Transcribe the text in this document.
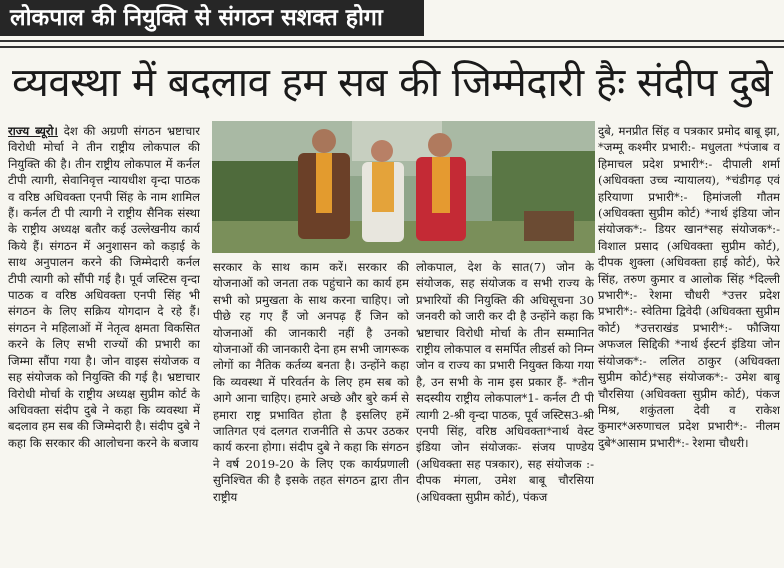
लोकपाल की नियुक्ति से संगठन सशक्त होगा
व्यवस्था में बदलाव हम सब की जिम्मेदारी हैः संदीप दुबे
राज्य ब्यूरो। देश की अग्रणी संगठन भ्रष्टाचार विरोधी मोर्चा ने तीन राष्ट्रीय लोकपाल की नियुक्ति की है। तीन राष्ट्रीय लोकपाल में कर्नल टीपी त्यागी, सेवानिवृत्त न्यायधीश वृन्दा पाठक व वरिष्ठ अधिवक्ता एनपी सिंह के नाम शामिल हैं। कर्नल टी पी त्यागी ने राष्ट्रीय सैनिक संस्था के राष्ट्रीय अध्यक्ष बतौर कई उल्लेखनीय कार्य किये हैं। संगठन में अनुशासन को कड़ाई के साथ अनुपालन करने की जिम्मेदारी कर्नल टीपी त्यागी को सौंपी गई है। पूर्व जस्टिस वृन्दा पाठक व वरिष्ठ अधिवक्ता एनपी सिंह भी संगठन के लिए सक्रिय योगदान दे रहे हैं। संगठन ने महिलाओं में नेतृत्व क्षमता विकसित करने के लिए सभी राज्यों की प्रभारी का जिम्मा सौंपा गया है। जोन वाइस संयोजक व सह संयोजक को नियुक्ति की गई है। भ्रष्टाचार विरोधी मोर्चा के राष्ट्रीय अध्यक्ष सुप्रीम कोर्ट के अधिवक्ता संदीप दुबे ने कहा कि व्यवस्था में बदलाव हम सब की जिम्मेदारी है। संदीप दुबे ने कहा कि सरकार की आलोचना करने के बजाय
सरकार के साथ काम करें। सरकार की योजनाओं को जनता तक पहुंचाने का कार्य हम सभी को प्रमुखता के साथ करना चाहिए। जो पीछे रह गए हैं जो अनपढ़ हैं जिन को योजनाओं की जानकारी नहीं है उनको योजनाओं की जानकारी देना हम सभी जागरूक लोगों का नैतिक कर्तव्य बनता है। उन्होंने कहा कि व्यवस्था में परिवर्तन के लिए हम सब को आगे आना चाहिए। हमारे अच्छे और बुरे कर्म से हमारा राष्ट्र प्रभावित होता है इसलिए हमें जातिगत एवं दलगत राजनीति से ऊपर उठकर कार्य करना होगा। संदीप दुबे ने कहा कि संगठन ने वर्ष 2019-20 के लिए एक कार्यप्रणाली सुनिश्चित की है इसके तहत संगठन द्वारा तीन राष्ट्रीय
लोकपाल, देश के सात(7) जोन के संयोजक, सह संयोजक व सभी राज्य के प्रभारियों की नियुक्ति की अधिसूचना 30 जनवरी को जारी कर दी है उन्होंने कहा कि भ्रष्टाचार विरोधी मोर्चा के तीन सम्मानित राष्ट्रीय लोकपाल व समर्पित लीडर्स को निम्न जोन व राज्य का प्रभारी नियुक्त किया गया है, उन सभी के नाम इस प्रकार हैं- *तीन सदस्यीय राष्ट्रीय लोकपाल*1- कर्नल टी पी त्यागी 2-श्री वृन्दा पाठक, पूर्व जस्टिस3-श्री एनपी सिंह, वरिष्ठ अधिवक्ता*नार्थ वेस्ट इंडिया जोन संयोजकः- संजय पाण्डेय (अधिवक्ता सह पत्रकार), सह संयोजक :- दीपक मंगला, उमेश बाबू चौरसिया (अधिवक्ता सुप्रीम कोर्ट), पंकज
दुबे, मनप्रीत सिंह व पत्रकार प्रमोद बाबू झा, *जम्मू कश्मीर प्रभारी:- मधुलता *पंजाब व हिमाचल प्रदेश प्रभारी*:- दीपाली शर्मा (अधिवक्ता उच्च न्यायालय), *चंडीगढ़ एवं हरियाणा प्रभारी*:- हिमांजली गौतम (अधिवक्ता सुप्रीम कोर्ट) *नार्थ इंडिया जोन संयोजक*:- डियर खान*सह संयोजक*:- विशाल प्रसाद (अधिवक्ता सुप्रीम कोर्ट), दीपक शुक्ला (अधिवक्ता हाई कोर्ट), फेरे सिंह, तरुण कुमार व आलोक सिंह *दिल्ली प्रभारी*:- रेशमा चौधरी *उत्तर प्रदेश प्रभारी*:- स्वेतिमा द्विवेदी (अधिवक्ता सुप्रीम कोर्ट) *उत्तराखंड प्रभारी*:- फौजिया अफजल सिद्दिकी *नार्थ ईस्टर्न इंडिया जोन संयोजक*:- ललित ठाकुर (अधिवक्ता सुप्रीम कोर्ट)*सह संयोजक*:- उमेश बाबू चौरसिया (अधिवक्ता सुप्रीम कोर्ट), पंकज मिश्र, शकुंतला देवी व राकेश कुमार*अरुणाचल प्रदेश प्रभारी*:- नीलम दुबे*आसाम प्रभारी*:- रेशमा चौधरी।
